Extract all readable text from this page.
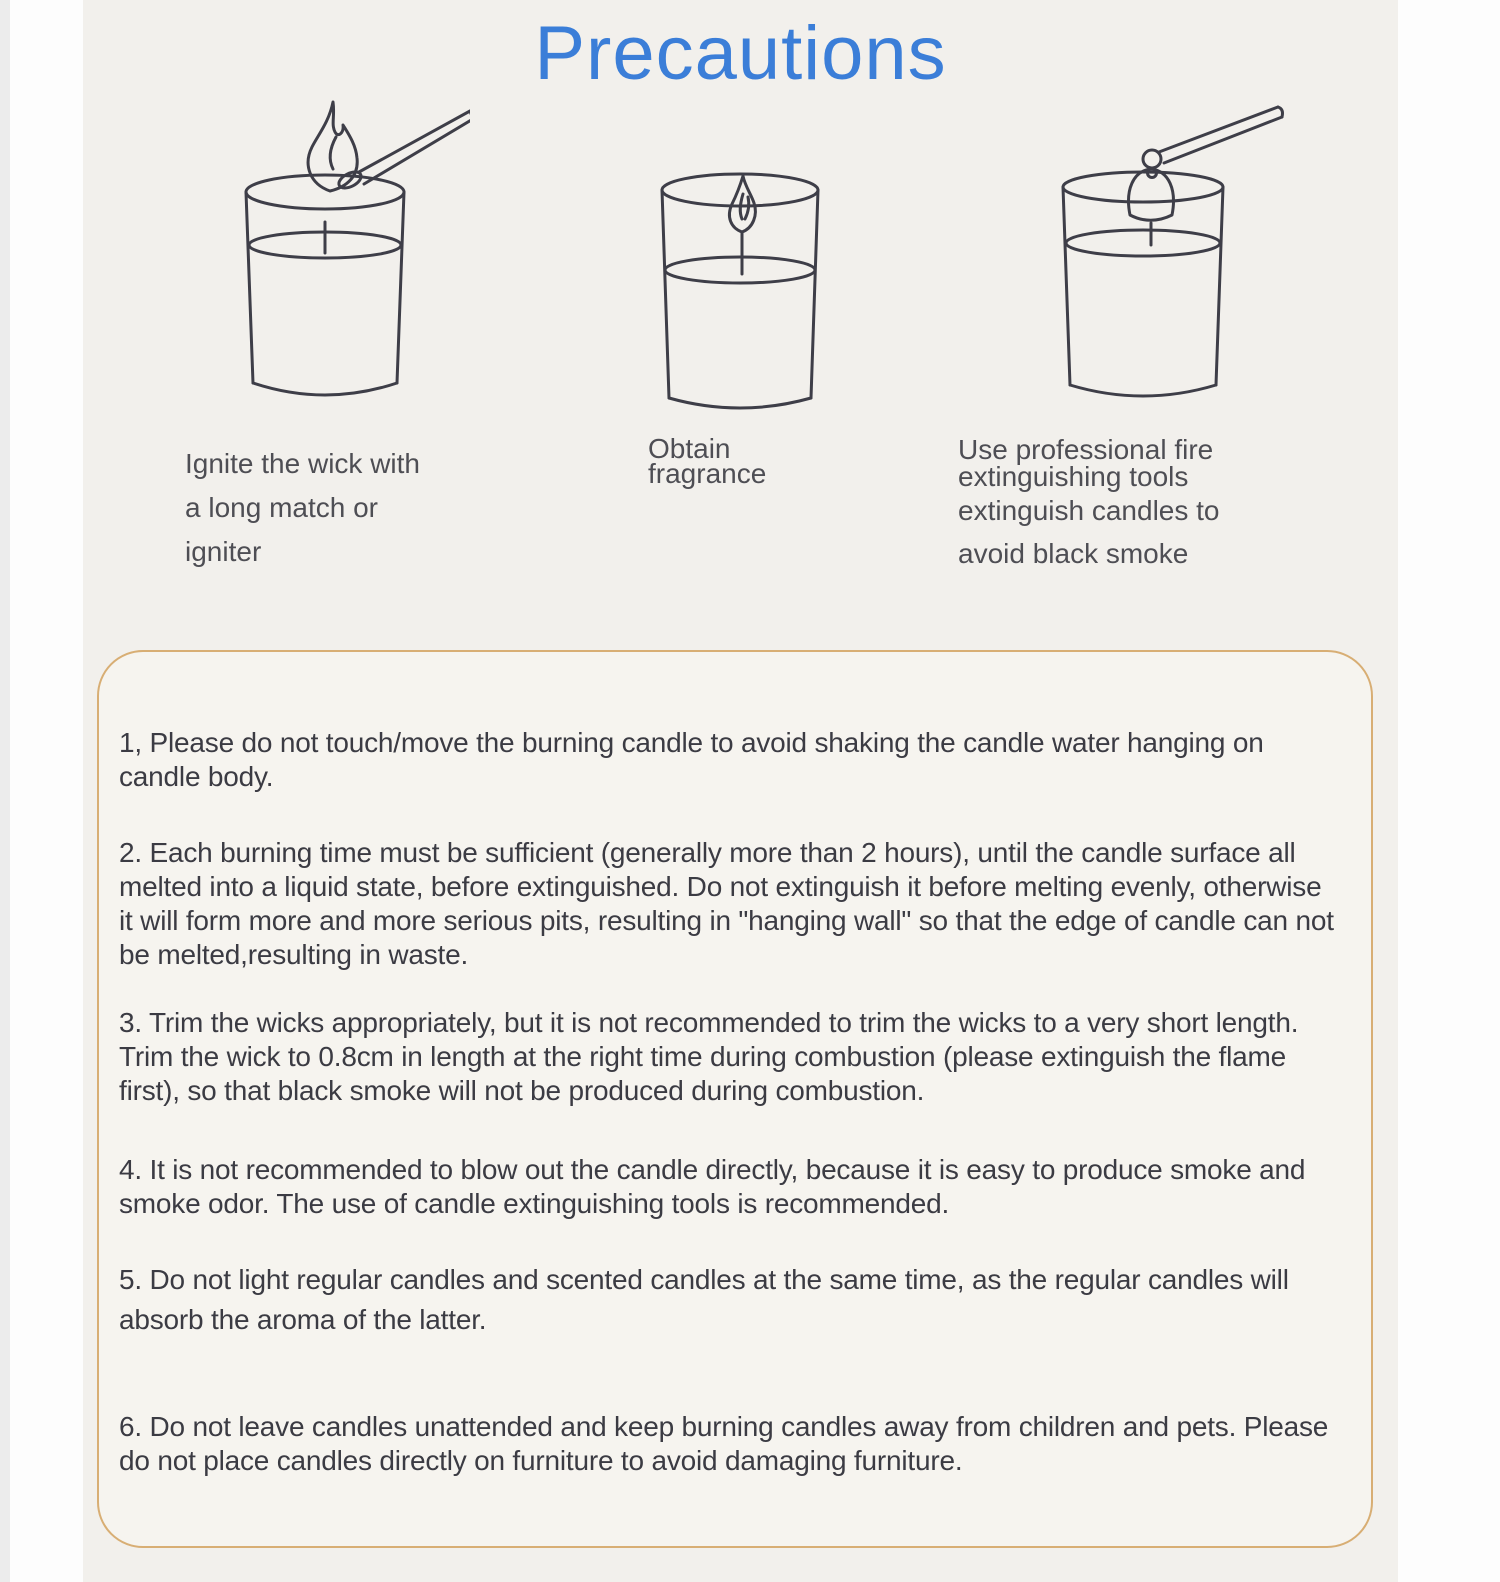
Precautions
Ignite the wick with
a long match or
igniter
Obtain
fragrance
Use professional fire
extinguishing tools
extinguish candles to
avoid black smoke

1, Please do not touch/move the burning candle to avoid shaking the candle water hanging on candle body.

2. Each burning time must be sufficient (generally more than 2 hours), until the candle surface all melted into a liquid state, before extinguished. Do not extinguish it before melting evenly, otherwise it will form more and more serious pits, resulting in "hanging wall" so that the edge of candle can not be melted,resulting in waste.

3. Trim the wicks appropriately, but it is not recommended to trim the wicks to a very short length. Trim the wick to 0.8cm in length at the right time during combustion (please extinguish the flame first), so that black smoke will not be produced during combustion.

4. It is not recommended to blow out the candle directly, because it is easy to produce smoke and smoke odor. The use of candle extinguishing tools is recommended.

5. Do not light regular candles and scented candles at the same time, as the regular candles will absorb the aroma of the latter.

6. Do not leave candles unattended and keep burning candles away from children and pets. Please do not place candles directly on furniture to avoid damaging furniture.
